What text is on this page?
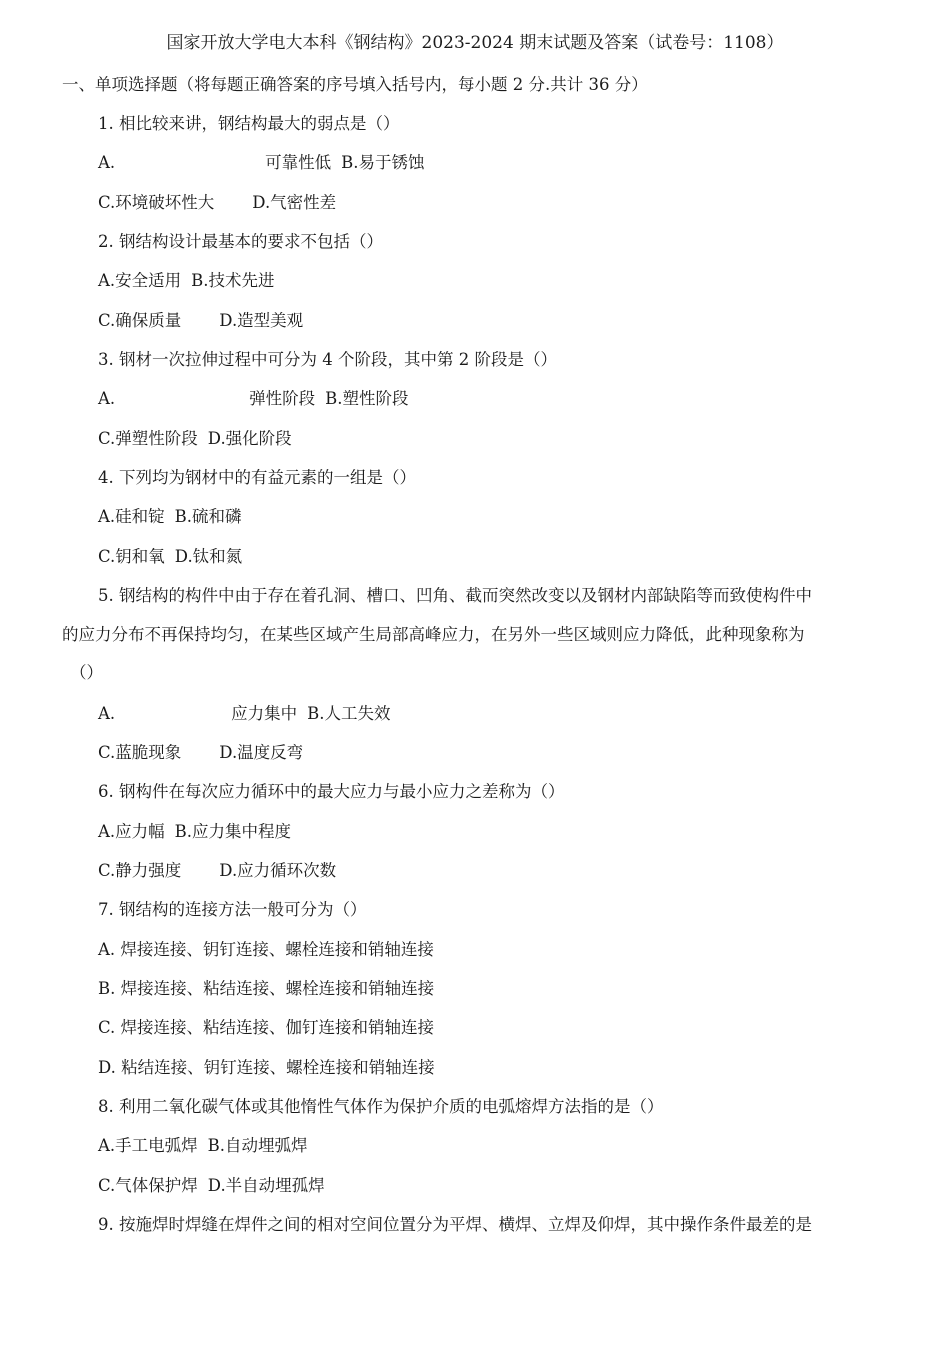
国家开放大学电大本科《钢结构》2023-2024 期末试题及答案（试卷号：1108）
一、单项选择题（将每题正确答案的序号填入括号内，每小题 2 分.共计 36 分）
1. 相比较来讲，钢结构最大的弱点是（）
A.	可靠性低 B.易于锈蚀
C.环境破坏性大 D.气密性差
2. 钢结构设计最基本的要求不包括（）
A.安全适用 B.技术先进
C.确保质量 D.造型美观
3. 钢材一次拉伸过程中可分为 4 个阶段，其中第 2 阶段是（）
A.	弹性阶段 B.塑性阶段
C.弹塑性阶段 D.强化阶段
4. 下列均为钢材中的有益元素的一组是（）
A.硅和锭 B.硫和磷
C.钥和氧 D.钛和氮
5. 钢结构的构件中由于存在着孔洞、槽口、凹角、截而突然改变以及钢材内部缺陷等而致使构件中
的应力分布不再保持均匀，在某些区域产生局部高峰应力，在另外一些区域则应力降低，此种现象称为
（）
A.	应力集中 B.人工失效
C.蓝脆现象 D.温度反弯
6. 钢构件在每次应力循环中的最大应力与最小应力之差称为（）
A.应力幅 B.应力集中程度
C.静力强度 D.应力循环次数
7. 钢结构的连接方法一般可分为（）
A. 焊接连接、钥钉连接、螺栓连接和销轴连接
B. 焊接连接、粘结连接、螺栓连接和销轴连接
C. 焊接连接、粘结连接、伽钉连接和销轴连接
D. 粘结连接、钥钉连接、螺栓连接和销轴连接
8. 利用二氧化碳气体或其他惰性气体作为保护介质的电弧熔焊方法指的是（）
A.手工电弧焊 B.自动埋弧焊
C.气体保护焊 D.半自动埋孤焊
9. 按施焊时焊缝在焊件之间的相对空间位置分为平焊、横焊、立焊及仰焊，其中操作条件最差的是
